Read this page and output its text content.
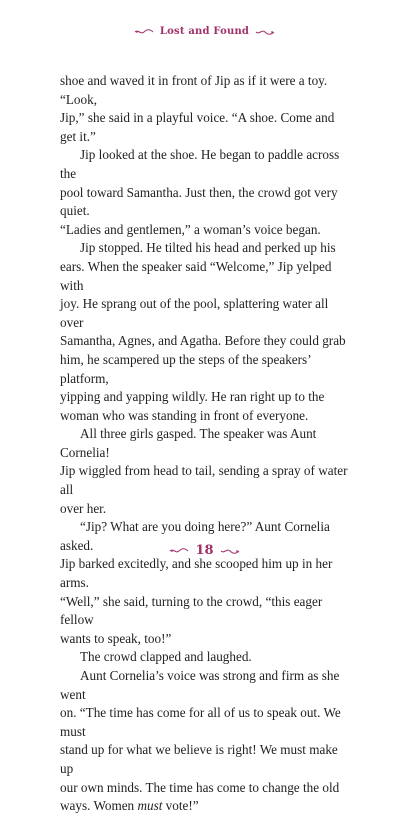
Lost and Found

shoe and waved it in front of Jip as if it were a toy. “Look,
Jip,” she said in a playful voice. “A shoe. Come and get it.”

Jip looked at the shoe. He began to paddle across the
pool toward Samantha. Just then, the crowd got very quiet.
“Ladies and gentlemen,” a woman’s voice began.

Jip stopped. He tilted his head and perked up his
ears. When the speaker said “Welcome,” Jip yelped with
joy. He sprang out of the pool, splattering water all over
Samantha, Agnes, and Agatha. Before they could grab
him, he scampered up the steps of the speakers’ platform,
yipping and yapping wildly. He ran right up to the
woman who was standing in front of everyone.

All three girls gasped. The speaker was Aunt Cornelia!
Jip wiggled from head to tail, sending a spray of water all
over her.

“Jip? What are you doing here?” Aunt Cornelia asked.
Jip barked excitedly, and she scooped him up in her arms.
“Well,” she said, turning to the crowd, “this eager fellow
wants to speak, too!”

The crowd clapped and laughed.

Aunt Cornelia’s voice was strong and firm as she went
on. “The time has come for all of us to speak out. We must
stand up for what we believe is right! We must make up
our own minds. The time has come to change the old
ways. Women must vote!”

18
